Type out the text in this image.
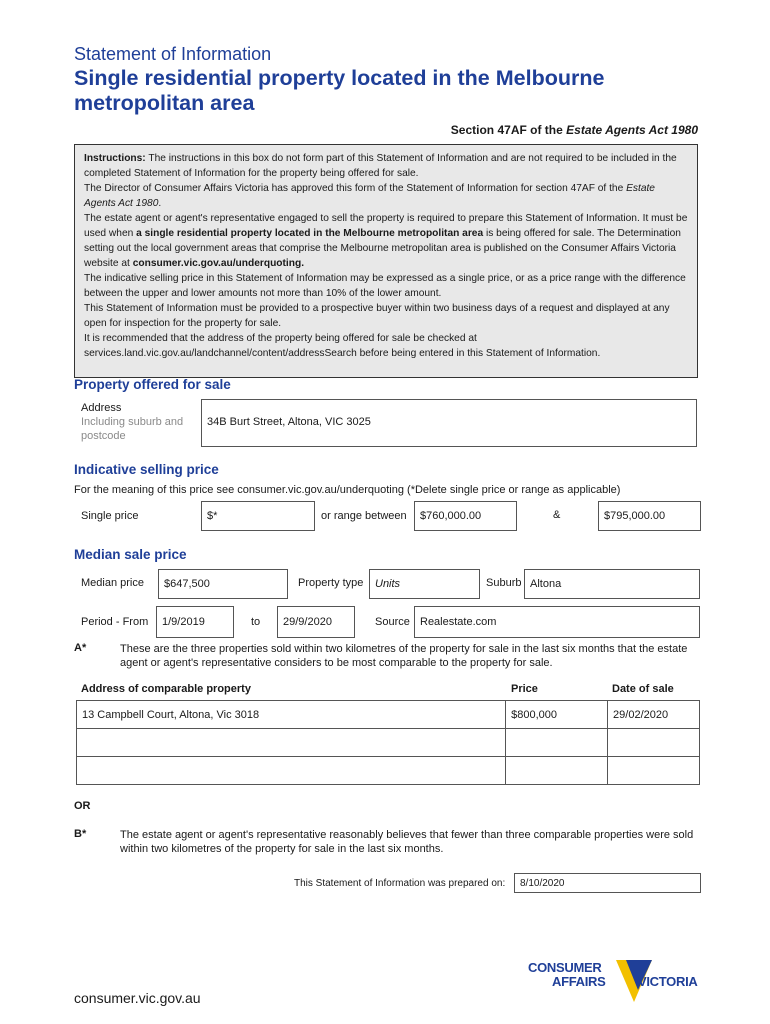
Statement of Information
Single residential property located in the Melbourne metropolitan area
Section 47AF of the Estate Agents Act 1980

Instructions: The instructions in this box do not form part of this Statement of Information and are not required to be included in the completed Statement of Information for the property being offered for sale.

The Director of Consumer Affairs Victoria has approved this form of the Statement of Information for section 47AF of the Estate Agents Act 1980.

The estate agent or agent's representative engaged to sell the property is required to prepare this Statement of Information. It must be used when a single residential property located in the Melbourne metropolitan area is being offered for sale. The Determination setting out the local government areas that comprise the Melbourne metropolitan area is published on the Consumer Affairs Victoria website at consumer.vic.gov.au/underquoting.

The indicative selling price in this Statement of Information may be expressed as a single price, or as a price range with the difference between the upper and lower amounts not more than 10% of the lower amount.

This Statement of Information must be provided to a prospective buyer within two business days of a request and displayed at any open for inspection for the property for sale.

It is recommended that the address of the property being offered for sale be checked at services.land.vic.gov.au/landchannel/content/addressSearch before being entered in this Statement of Information.

Property offered for sale
Address
Including suburb and
postcode
34B Burt Street, Altona, VIC 3025
Indicative selling price
For the meaning of this price see consumer.vic.gov.au/underquoting (*Delete single price or range as applicable)
Single price	$*	or range between	$760,000.00	&	$795,000.00
Median sale price
Median price	$647,500	Property type	Units	Suburb Altona
Period - From	1/9/2019	to	29/9/2020	Source Realestate.com
A*	These are the three properties sold within two kilometres of the property for sale in the last six months that the estate agent or agent's representative considers to be most comparable to the property for sale.
Address of comparable property	Price	Date of sale
13 Campbell Court, Altona, Vic 3018	$800,000	29/02/2020

OR
B*	The estate agent or agent's representative reasonably believes that fewer than three comparable properties were sold within two kilometres of the property for sale in the last six months.
This Statement of Information was prepared on:	8/10/2020
CONSUMER
AFFAIRS VICTORIA
consumer.vic.gov.au
